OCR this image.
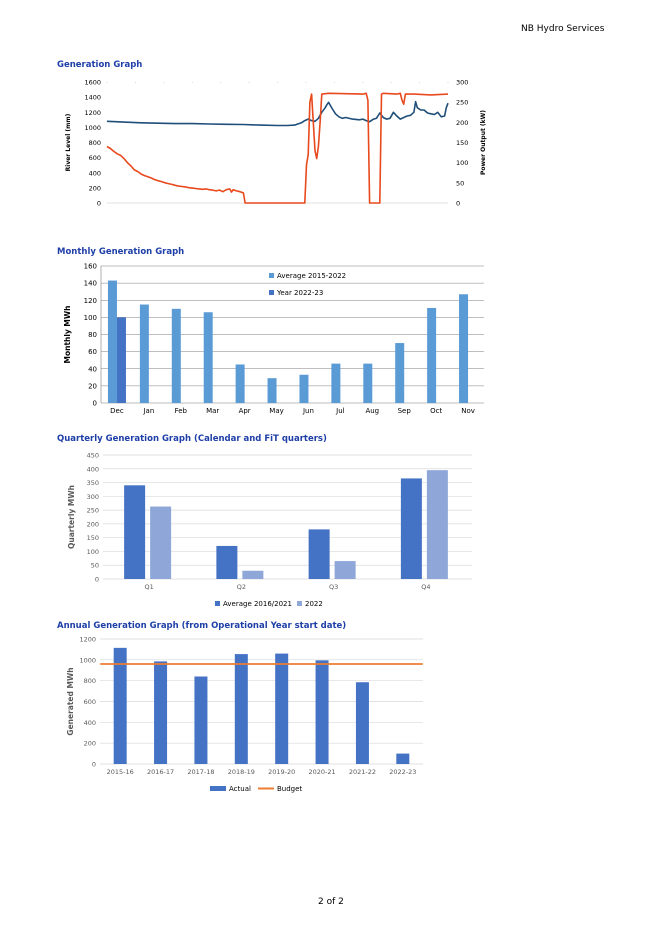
NB Hydro Services
Generation Graph
0
200
400
600
800
1000
1200
1400
1600
0
50
100
150
200
250
300
River Level (mm)	Power Output (kW)
Monthly Generation Graph
0
20
40
60
80
100
120
140
160
Dec	Jan	Feb	Mar	Apr	May	Jun	Jul	Aug	Sep	Oct	Nov
Monthly MWh
Average 2015-2022
Year 2022-23
Quarterly Generation Graph (Calendar and FiT quarters)
0
50
100
150
200
250
300
350
400
450
Q1	Q2	Q3	Q4
Quarterly MWh
Average 2016/2021 2022
Annual Generation Graph (from Operational Year start date)
0
200
400
600
800
1000
1200
2015-16 2016-17 2017-18 2018-19 2019-20 2020-21 2021-22 2022-23
Generated MWh
Actual	Budget
2 of 2
